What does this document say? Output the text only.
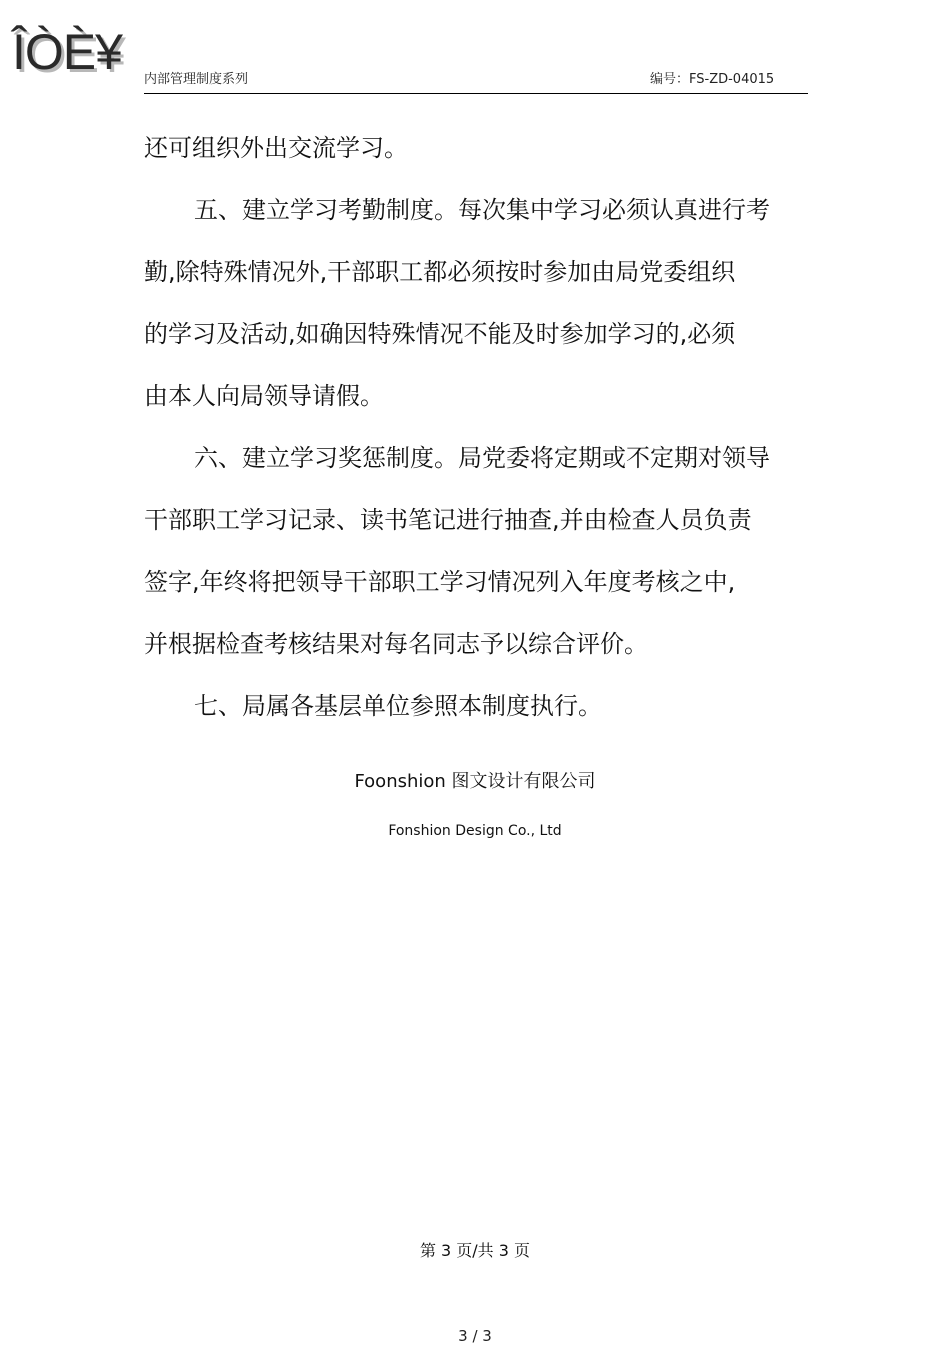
ÎÒÈ¥ 内部管理制度系列	编号：FS-ZD-04015
还可组织外出交流学习。
五、建立学习考勤制度。每次集中学习必须认真进行考
勤,除特殊情况外,干部职工都必须按时参加由局党委组织
的学习及活动,如确因特殊情况不能及时参加学习的,必须
由本人向局领导请假。
六、建立学习奖惩制度。局党委将定期或不定期对领导
干部职工学习记录、读书笔记进行抽查,并由检查人员负责
签字,年终将把领导干部职工学习情况列入年度考核之中,
并根据检查考核结果对每名同志予以综合评价。
七、局属各基层单位参照本制度执行。
Foonshion 图文设计有限公司
Fonshion Design Co., Ltd
第 3 页/共 3 页
3 / 3
